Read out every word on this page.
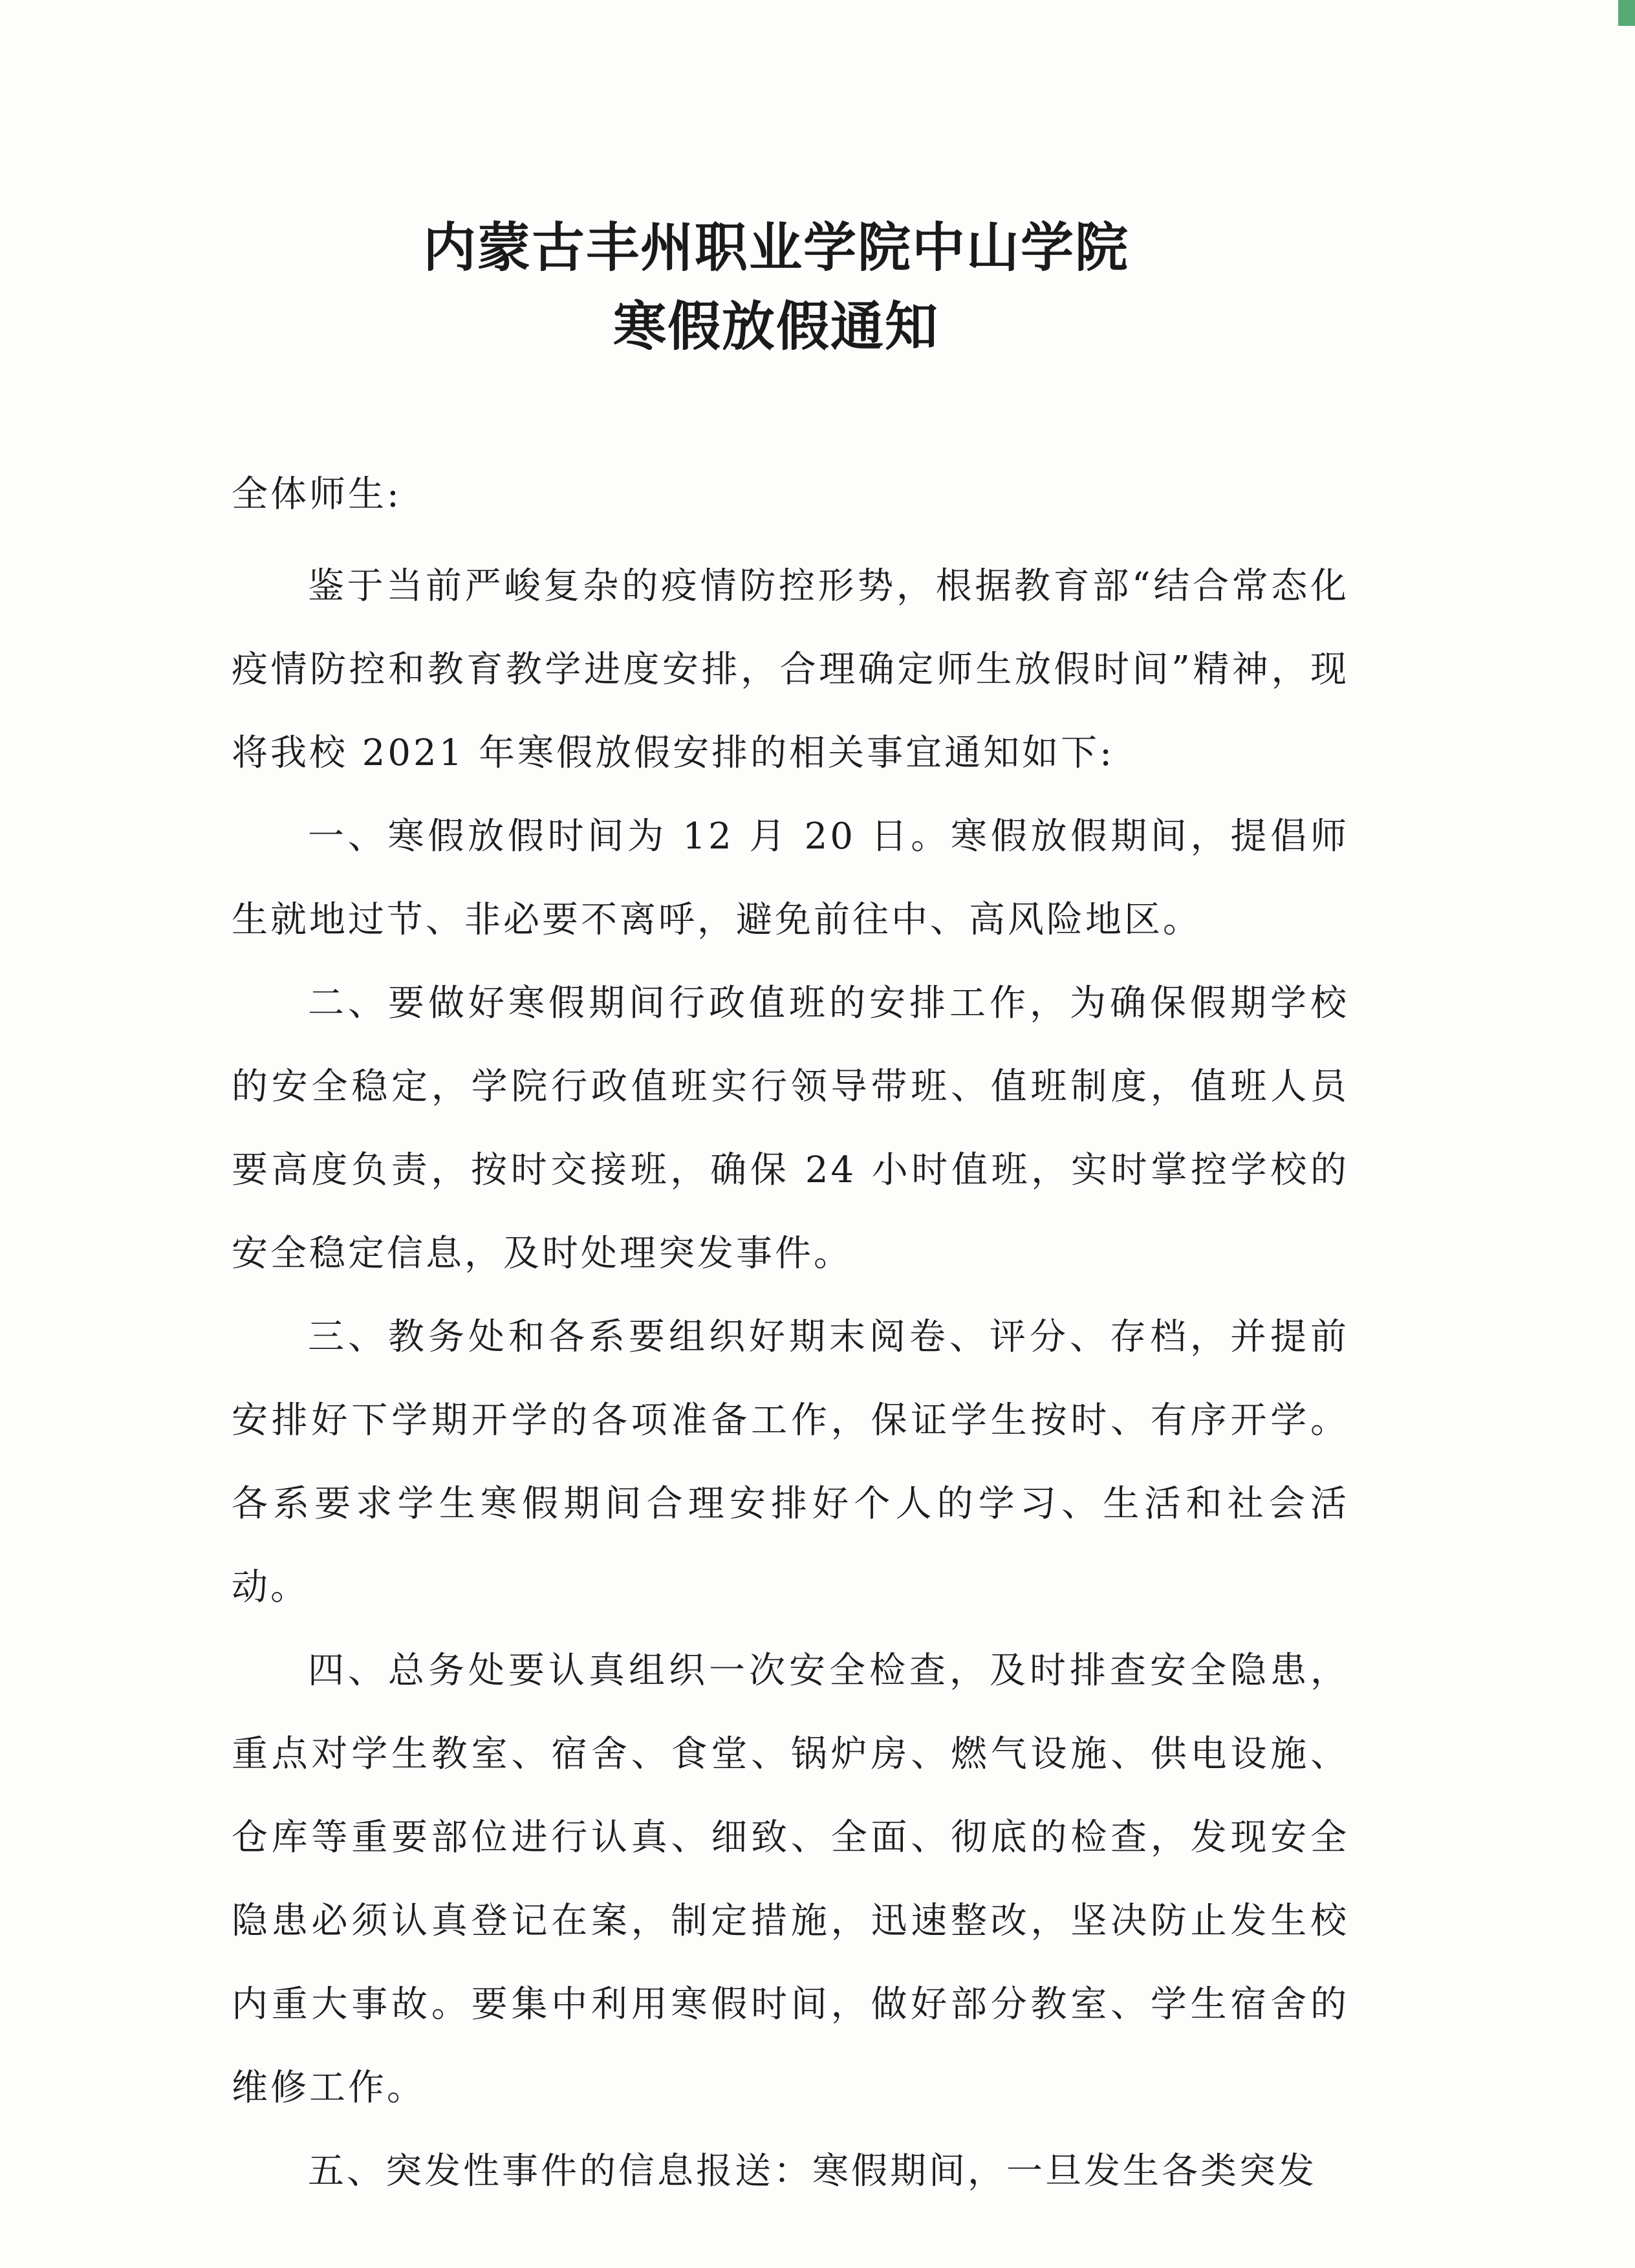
内蒙古丰州职业学院中山学院
寒假放假通知
全体师生:

鉴于当前严峻复杂的疫情防控形势，根据教育部“结合常态化疫情防控和教育教学进度安排，合理确定师生放假时间”精神，现将我校 2021 年寒假放假安排的相关事宜通知如下:

一、寒假放假时间为 12 月 20 日。寒假放假期间，提倡师生就地过节、非必要不离呼，避免前往中、高风险地区。

二、要做好寒假期间行政值班的安排工作，为确保假期学校的安全稳定，学院行政值班实行领导带班、值班制度，值班人员要高度负责，按时交接班，确保 24 小时值班，实时掌控学校的安全稳定信息，及时处理突发事件。

三、教务处和各系要组织好期末阅卷、评分、存档，并提前安排好下学期开学的各项准备工作，保证学生按时、有序开学。各系要求学生寒假期间合理安排好个人的学习、生活和社会活动。

四、总务处要认真组织一次安全检查，及时排查安全隐患，重点对学生教室、宿舍、食堂、锅炉房、燃气设施、供电设施、仓库等重要部位进行认真、细致、全面、彻底的检查，发现安全隐患必须认真登记在案，制定措施，迅速整改，坚决防止发生校内重大事故。要集中利用寒假时间，做好部分教室、学生宿舍的维修工作。

五、突发性事件的信息报送：寒假期间，一旦发生各类突发
